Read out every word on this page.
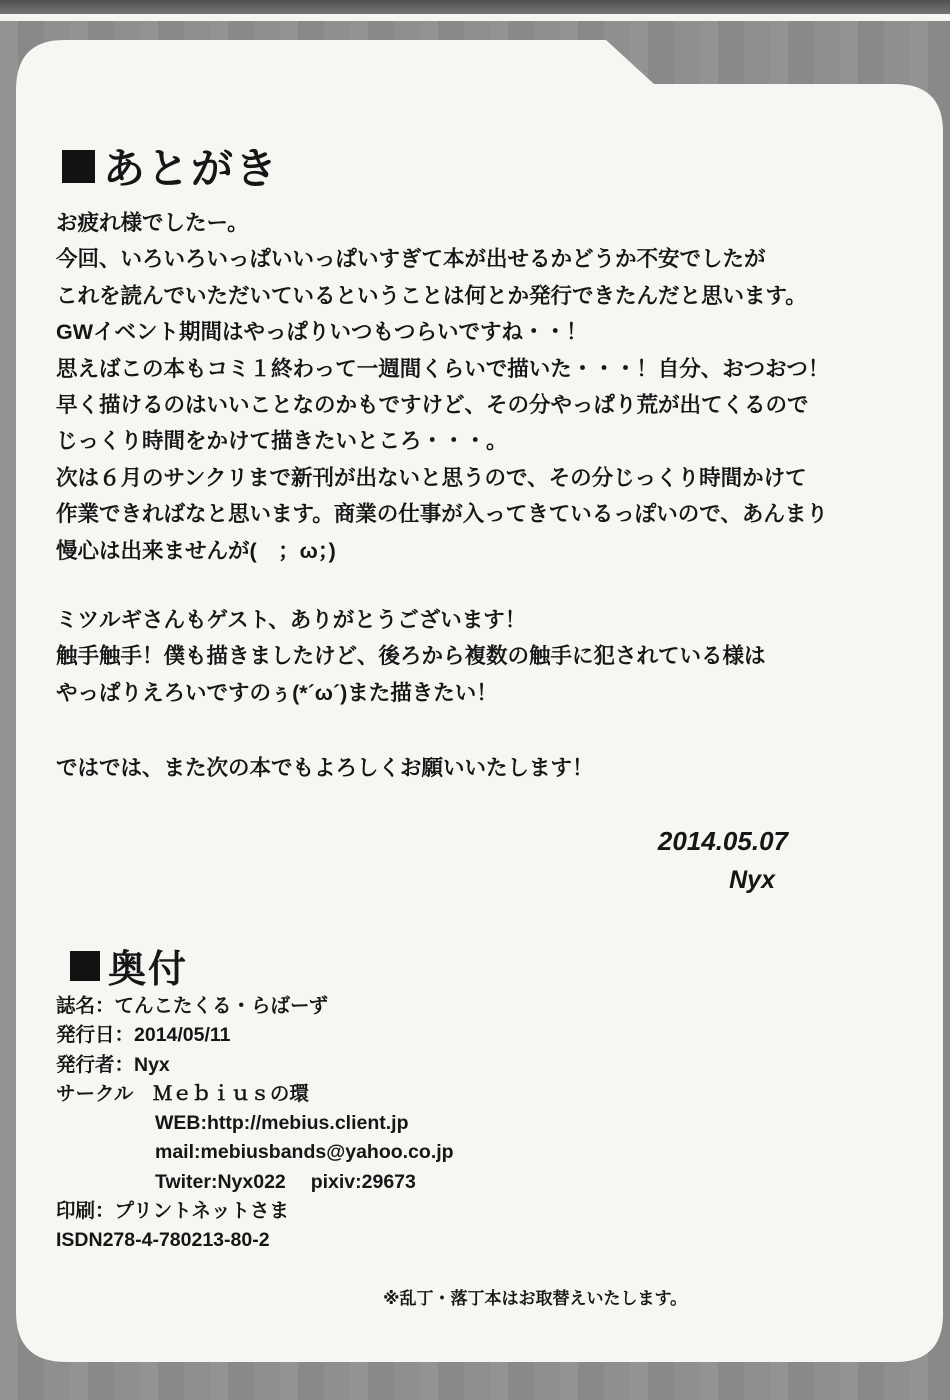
あとがき
お疲れ様でしたー。
今回、いろいろいっぱいいっぱいすぎて本が出せるかどうか不安でしたが
これを読んでいただいているということは何とか発行できたんだと思います。
GWイベント期間はやっぱりいつもつらいですね・・！
思えばこの本もコミ１終わって一週間くらいで描いた・・・！自分、おつおつ！
早く描けるのはいいことなのかもですけど、その分やっぱり荒が出てくるので
じっくり時間をかけて描きたいところ・・・。
次は６月のサンクリまで新刊が出ないと思うので、その分じっくり時間かけて
作業できればなと思います。商業の仕事が入ってきているっぽいので、あんまり
慢心は出来ませんが(　；ω；)
ミツルギさんもゲスト、ありがとうございます！
触手触手！僕も描きましたけど、後ろから複数の触手に犯されている様は
やっぱりえろいですのぅ(*´ω´)また描きたい！
ではでは、また次の本でもよろしくお願いいたします！
2014.05.07
Nyx
奥付
誌名：てんこたくる・らばーず
発行日：2014/05/11
発行者：Nyx
サークル　Ｍｅｂｉｕｓの環
WEB:http://mebius.client.jp
mail:mebiusbands@yahoo.co.jp
Twiter:Nyx022　 pixiv:29673
印刷：プリントネットさま
ISDN278-4-780213-80-2
※乱丁・落丁本はお取替えいたします。
